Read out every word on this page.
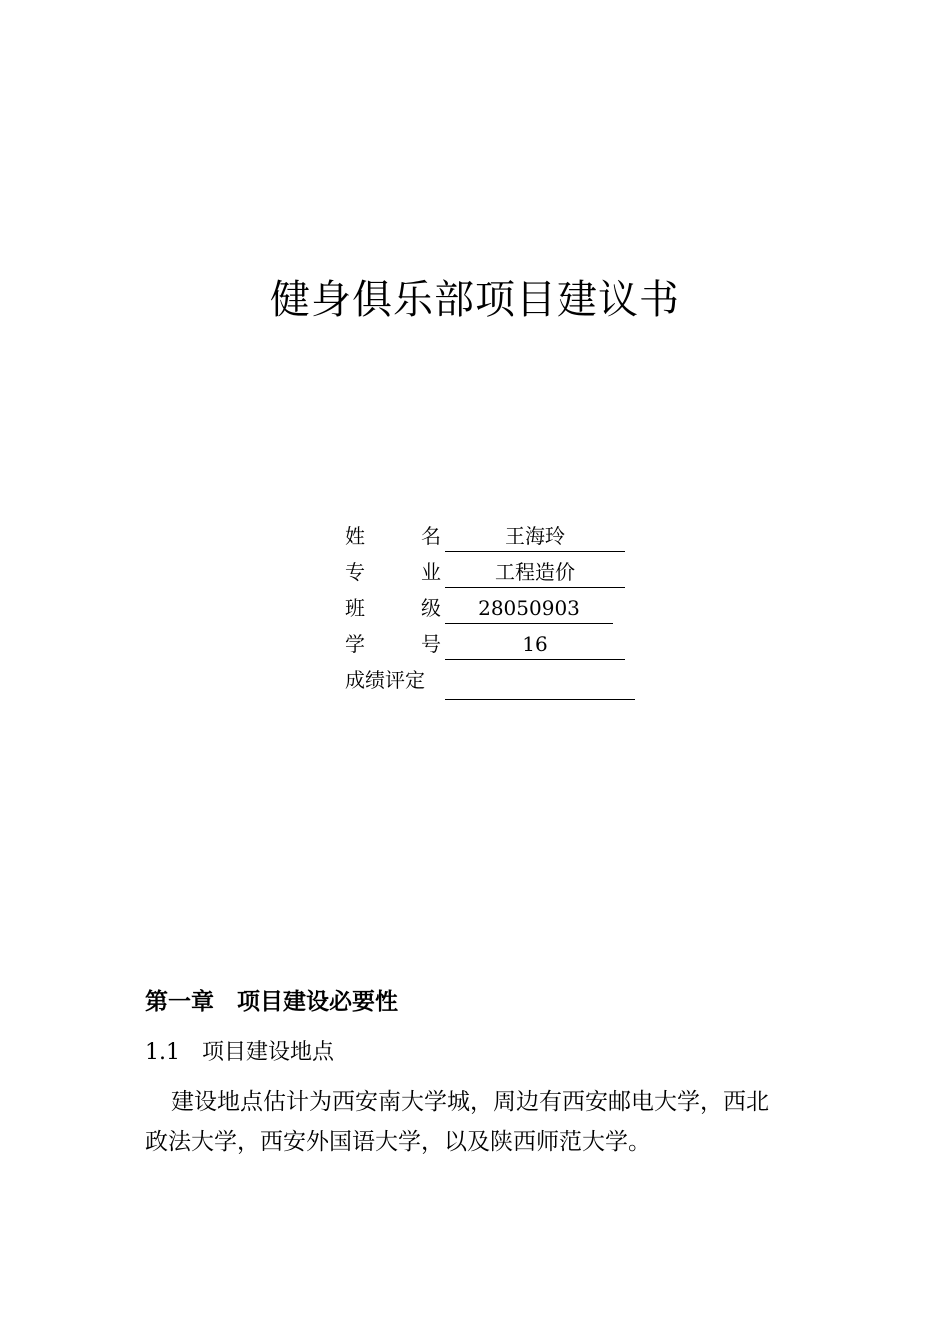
健身俱乐部项目建议书
姓	名	王海玲
专	业	工程造价
班	级	28050903
学	号	16
成绩评定
第一章　项目建设必要性
1.1　项目建设地点
建设地点估计为西安南大学城，周边有西安邮电大学，西北政法大学，西安外国语大学，以及陕西师范大学。
